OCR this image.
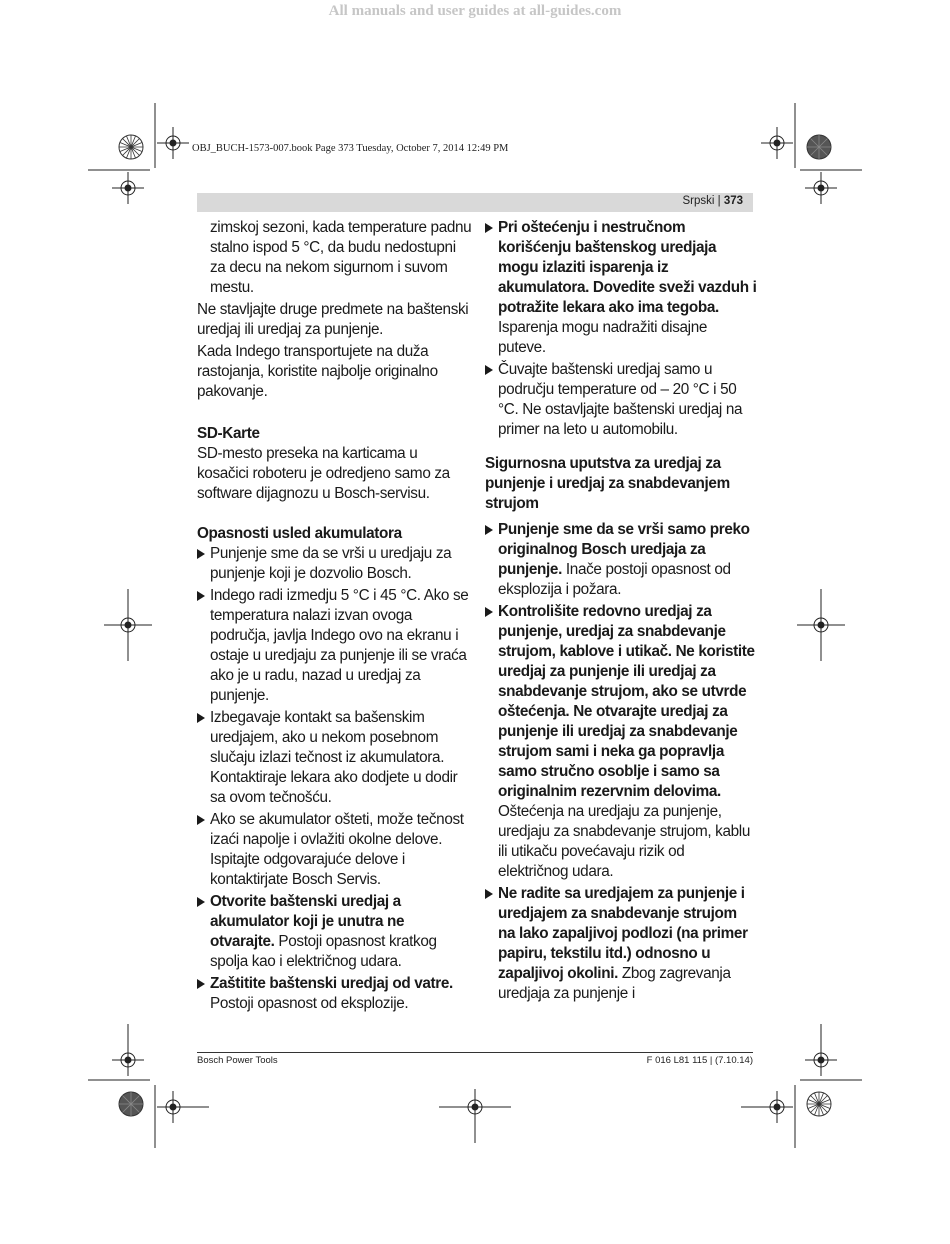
All manuals and user guides at all-guides.com
OBJ_BUCH-1573-007.book Page 373 Tuesday, October 7, 2014 12:49 PM
Srpski | 373

zimskoj sezoni, kada temperature padnu stalno ispod 5 °C, da budu nedostupni za decu na nekom sigurnom i suvom mestu.

Ne stavljajte druge predmete na baštenski uredjaj ili uredjaj za punjenje.

Kada Indego transportujete na duža rastojanja, koristite najbolje originalno pakovanje.

SD-Karte

SD-mesto preseka na karticama u kosačici roboteru je odredjeno samo za software dijagnozu u Bosch-servisu.

Opasnosti usled akumulatora
Punjenje sme da se vrši u uredjaju za punjenje koji je dozvolio Bosch.
Indego radi izmedju 5 °C i 45 °C. Ako se temperatura nalazi izvan ovoga područja, javlja Indego ovo na ekranu i ostaje u uredjaju za punjenje ili se vraća ako je u radu, nazad u uredjaj za punjenje.
Izbegavaje kontakt sa bašenskim uredjajem, ako u nekom posebnom slučaju izlazi tečnost iz akumulatora. Kontaktiraje lekara ako dodjete u dodir sa ovom tečnošću.
Ako se akumulator ošteti, može tečnost izaći napolje i ovlažiti okolne delove. Ispitajte odgovarajuće delove i kontaktirjate Bosch Servis.
Otvorite baštenski uredjaj a akumulator koji je unutra ne otvarajte. Postoji opasnost kratkog spolja kao i električnog udara.
Zaštitite baštenski uredjaj od vatre. Postoji opasnost od eksplozije.
Pri oštećenju i nestručnom korišćenju baštenskog uredjaja mogu izlaziti isparenja iz akumulatora. Dovedite sveži vazduh i potražite lekara ako ima tegoba. Isparenja mogu nadražiti disajne puteve.
Čuvajte baštenski uredjaj samo u području temperature od – 20 °C i 50 °C. Ne ostavljajte baštenski uredjaj na primer na leto u automobilu.
Sigurnosna uputstva za uredjaj za punjenje i uredjaj za snabdevanjem strujom
Punjenje sme da se vrši samo preko originalnog Bosch uredjaja za punjenje. Inače postoji opasnost od eksplozija i požara.
Kontrolišite redovno uredjaj za punjenje, uredjaj za snabdevanje strujom, kablove i utikač. Ne koristite uredjaj za punjenje ili uredjaj za snabdevanje strujom, ako se utvrde oštećenja. Ne otvarajte uredjaj za punjenje ili uredjaj za snabdevanje strujom sami i neka ga popravlja samo stručno osoblje i samo sa originalnim rezervnim delovima. Oštećenja na uredjaju za punjenje, uredjaju za snabdevanje strujom, kablu ili utikaču povećavaju rizik od električnog udara.
Ne radite sa uredjajem za punjenje i uredjajem za snabdevanje strujom na lako zapaljivoj podlozi (na primer papiru, tekstilu itd.) odnosno u zapaljivoj okolini. Zbog zagrevanja uredjaja za punjenje i
Bosch Power Tools	F 016 L81 115 | (7.10.14)
